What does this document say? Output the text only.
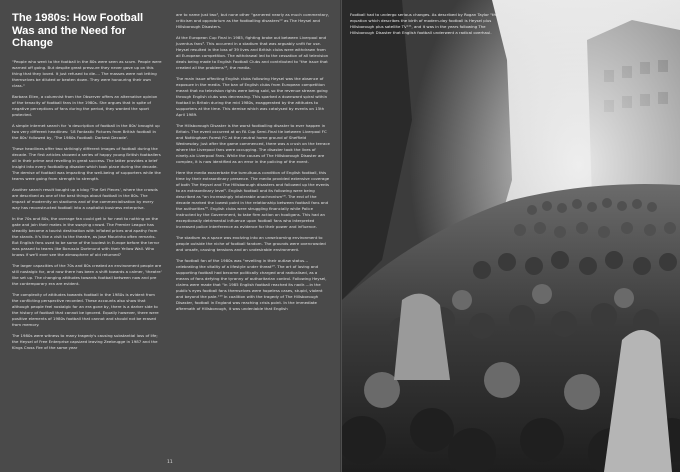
The 1980s: How Football Was and the Need for Change

"People who went to the football in the 80s were seen as scum. People were warned off going. But despite great pressure they never gave up on this thing that they loved. It just refused to die.... The masses were not letting themselves be diluted or beaten down. They were honouring their own class."

Barbara Ellen, a columnist from the Observer offers an alternative opinion of the tenacity of football fans in the 1980s. She argues that in spite of negative perceptions of fans during the period, they wanted the sport protected.

A simple internet search for 'a description of football in the 80s' brought up two very different headlines: '18 Fantastic Pictures from British football in the 80s' followed by, 'The 1980s Football: Darkest Decade'.

These headlines offer two strikingly different images of football during the decade. The first articles showed a series of happy young British footballers all in their prime and revelling in great success. The latter provides a brief insight into every footballing disaster which took place during the decade. The demise of football was impacting the well-being of supporters while the teams were going from strength to strength.

Another search result bought up a blog 'The Set Pieces', where the crowds are described as one of the best things about football in the 80s. The impact of modernity on stadiums and of the commercialisation by every way has reconstructed football into a capitalist business enterprise.

In the 70s and 80s, the overage fan could get in for next to nothing on the gate and join their mates in the swaying crowd. The Premier League has steadily become a tourist destination with inflated prices and apathy from the stands. It's like a visit to the theatre, as Jose Mourinho often remarks. But English fans used to be some of the loudest in Europe before the terror was passed to teams like Borussia Dortmund with their Yellow Wall. Who knows if we'll ever see the atmosphere of old returned?

The larger capacities of the 70s and 80s created an environment people are still nostalgic for, and now there has been a shift towards a calmer, 'theatre' like set up. The changing attitudes towards football between now and pre the contemporary era are evident.

The complexity of attitudes towards football in the 1980s is evident from the conflicting perspective recorded. These accounts also show that although people feel nostalgic for an era gone by, there is a darker side to the history of football that cannot be ignored. Equally however, there were positive elements of 1980s football that cannot and should not be erased from memory.

The 1980s were witness to many tragedy's causing substantial loss of life; the Heysel of Free Enterprise capsized leaving Zeebrugge in 1987 and the Kings Cross Fire of the same year

are to name just two¹, but none other "garnered nearly as much commentary, criticism and opprobrium as the footballing disasters"² as The Heysel and Hillsborough Disasters.

At the European Cup Final in 1985, fighting broke out between Liverpool and Juventus fans³. This occurred in a stadium that was arguably unfit for use. Heysel resulted in the loss of 39 lives and British clubs were withdrawn from all European competition. The withdrawal led to the cessation of all television deals being made to English Football Clubs and contributed to "the issue that created all the problems"⁴, the media.

The main issue affecting English clubs following Heysel was the absence of exposure in the media. The ban of English clubs from European competition meant that no television rights were being sold, so the revenue stream going through English clubs was decreasing. This sparked a downward spiral within football in Britain during the mid 1980s, exaggerated by the attitudes to supporters at the time. This demise which was catalysed by events on 15th April 1989.

The Hillsborough Disaster is the worst footballing disaster to ever happen in Britain. The event occurred at an FA Cup Semi-Final tie between Liverpool FC and Nottingham Forest FC at the neutral home ground of Sheffield Wednesday. Just after the game commenced, there was a crush on the terrace where the Liverpool fans were occupying. The disaster took the lives of ninety-six Liverpool Fans. While the causes of The Hillsborough Disaster are complex, it is now identified as an error in the policing of the event.

Here the media exacerbate the tumultuous condition of English football, this time by their extraordinary presence. The media provided extensive coverage of both The Heysel and The Hillsborough disasters and followed up the events to an extraordinary level⁵. English football and its following were being described as "an increasingly intolerable anachronism"⁶. The end of the decade marked the lowest point in the relationship between football fans and the authorities⁷⁸. English clubs were struggling financially while Police instructed by the Government, to take firm action on hooligans. This had an exceptionally detrimental influence upon football fans who interpreted increased police interference as evidence for their power and influence.

The stadium as a space was evolving into an unwelcoming environment to people outside the niche of football fandom. The grounds were overcrowded and unsafe, causing tensions and an undesirable environment.

The football fan of the 1980s was "revelling in their outlaw status… celebrating the vitality of a lifestyle under threat"⁹. The art of loving and supporting football had become politically charged and radicalised, as a means of fans defying the tyranny of authoritarian control. Following Heysel, claims were made that "in 1985 English football reached its nadir….in the public's eyes football fans themselves were hopeless cases, stupid, violent and beyond the pale."¹⁰ In coalition with the tragedy of The Hillsborough Disaster, football in England was reaching crisis point. In the immediate aftermath of Hillsborough, it was undeniable that English

11

Football had to undergo serious changes. As described by Rogan Taylor "the equation which describes the birth of modern-day football is Heysel plus Hillsborough plus satellite TV"¹¹, and it was in the years following The Hillsborough Disaster that English football underwent a radical overhaul.
